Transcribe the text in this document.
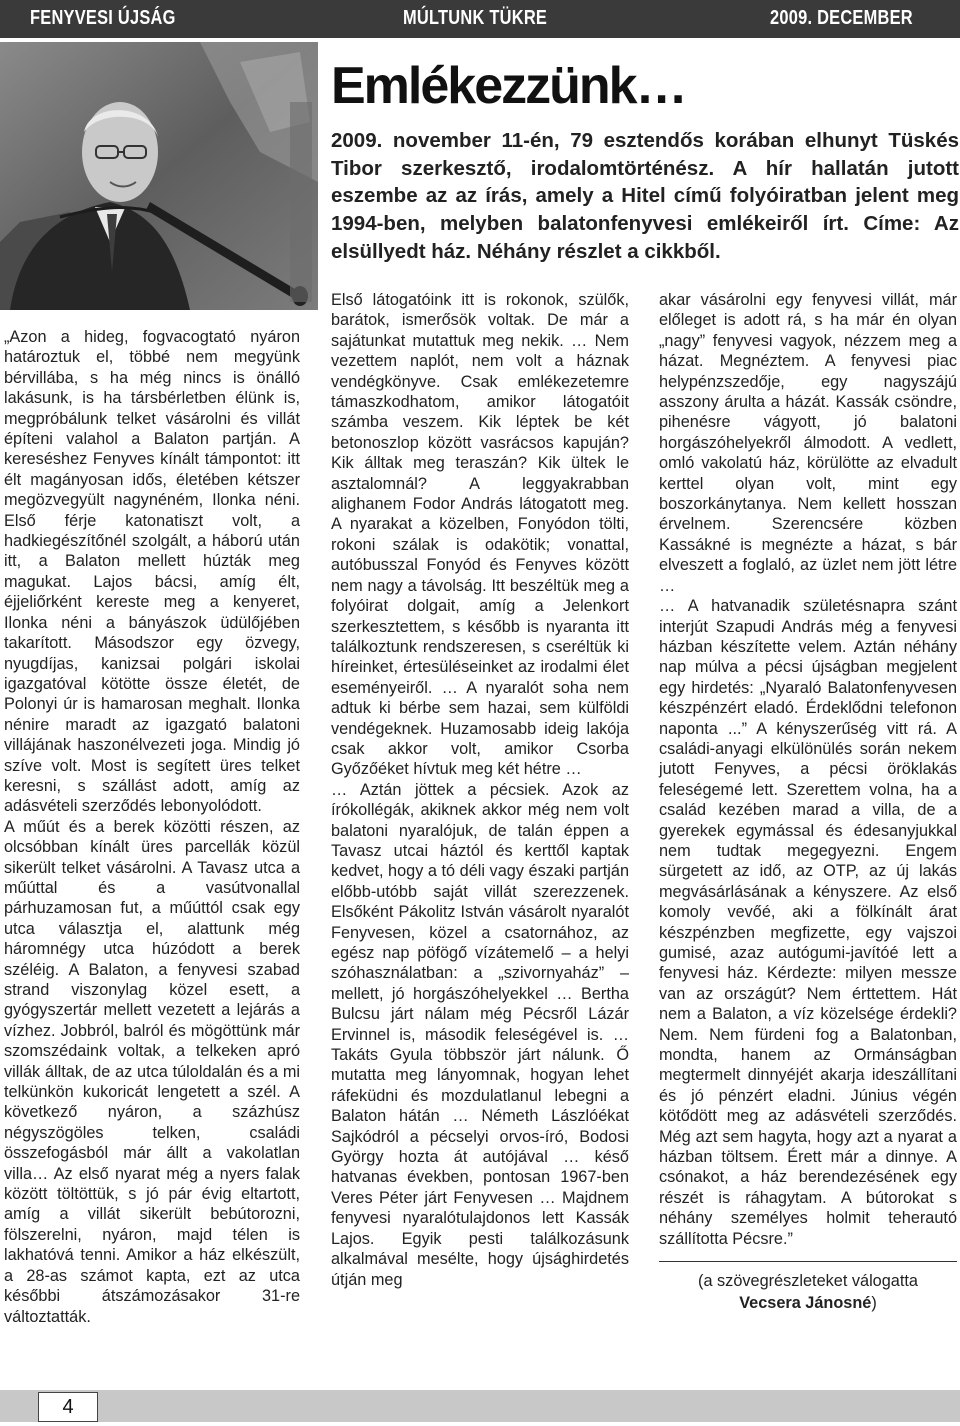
FENYVESI ÚJSÁG	MÚLTUNK TÜKRE	2009. DECEMBER
Emlékezzünk…
2009. november 11-én, 79 esztendős korában elhunyt Tüskés Tibor szerkesztő, irodalomtörténész. A hír hallatán jutott eszembe az az írás, amely a Hitel című folyóiratban jelent meg 1994-ben, melyben balatonfenyvesi emlékeiről írt. Címe: Az elsüllyedt ház. Néhány részlet a cikkből.

„Azon a hideg, fogvacogtató nyáron határoztuk el, többé nem megyünk bérvillába, s ha még nincs is önálló lakásunk, is ha társbérletben élünk is, megpróbálunk telket vásárolni és villát építeni valahol a Balaton partján. A kereséshez Fenyves kínált támpontot: itt élt magányosan idős, életében kétszer megözvegyült nagynéném, Ilonka néni. Első férje katonatiszt volt, a hadkiegészítőnél szolgált, a háború után itt, a Balaton mellett húzták meg magukat. Lajos bácsi, amíg élt, éjjeliőrként kereste meg a kenyeret, Ilonka néni a bányászok üdülőjében takarított. Másodszor egy özvegy, nyugdíjas, kanizsai polgári iskolai igazgatóval kötötte össze életét, de Polonyi úr is hamarosan meghalt. Ilonka nénire maradt az igazgató balatoni villájának haszonélvezeti joga. Mindig jó szíve volt. Most is segített üres telket keresni, s szállást adott, amíg az adásvételi szerződés lebonyolódott.

A műút és a berek közötti részen, az olcsóbban kínált üres parcellák közül sikerült telket vásárolni. A Tavasz utca a műúttal és a vasútvonallal párhuzamosan fut, a műúttól csak egy utca választja el, alattunk még háromnégy utca húzódott a berek széléig. A Balaton, a fenyvesi szabad strand viszonylag közel esett, a gyógyszertár mellett vezetett a lejárás a vízhez. Jobbról, balról és mögöttünk már szomszédaink voltak, a telkeken apró villák álltak, de az utca túloldalán és a mi telkünkön kukoricát lengetett a szél. A következő nyáron, a százhúsz négyszögöles telken, családi összefogásból már állt a vakolatlan villa… Az első nyarat még a nyers falak között töltöttük, s jó pár évig eltartott, amíg a villát sikerült bebútorozni, fölszerelni, nyáron, majd télen is lakhatóvá tenni. Amikor a ház elkészült, a 28-as számot kapta, ezt az utca későbbi átszámozásakor 31-re változtatták.

Első látogatóink itt is rokonok, szülők, barátok, ismerősök voltak. De már a sajátunkat mutattuk meg nekik. … Nem vezettem naplót, nem volt a háznak vendégkönyve. Csak emlékezetemre támaszkodhatom, amikor látogatóit számba veszem. Kik léptek be két betonoszlop között vasrácsos kapuján? Kik álltak meg teraszán? Kik ültek le asztalomnál? A leggyakrabban alighanem Fodor András látogatott meg. A nyarakat a közelben, Fonyódon tölti, rokoni szálak is odakötik; vonattal, autóbusszal Fonyód és Fenyves között nem nagy a távolság. Itt beszéltük meg a folyóirat dolgait, amíg a Jelenkort szerkesztettem, s később is nyaranta itt találkoztunk rendszeresen, s cseréltük ki híreinket, értesüléseinket az irodalmi élet eseményeiről. … A nyaralót soha nem adtuk ki bérbe sem hazai, sem külföldi vendégeknek. Huzamosabb ideig lakója csak akkor volt, amikor Csorba Győzőéket hívtuk meg két hétre …

… Aztán jöttek a pécsiek. Azok az írókollégák, akiknek akkor még nem volt balatoni nyaralójuk, de talán éppen a Tavasz utcai háztól és kerttől kaptak kedvet, hogy a tó déli vagy északi partján előbb-utóbb saját villát szerezzenek. Elsőként Pákolitz István vásárolt nyaralót Fenyvesen, közel a csatornához, az egész nap pöfögő vízátemelő – a helyi szóhasználatban: a „szivornyaház” – mellett, jó horgászóhelyekkel … Bertha Bulcsu járt nálam még Pécsről Lázár Ervinnel is, második feleségével is. … Takáts Gyula többször járt nálunk. Ő mutatta meg lányomnak, hogyan lehet ráfeküdni és mozdulatlanul lebegni a Balaton hátán … Németh Lászlóékat Sajkódról a pécselyi orvos-író, Bodosi György hozta át autójával … késő hatvanas években, pontosan 1967-ben Veres Péter járt Fenyvesen … Majdnem fenyvesi nyaralótulajdonos lett Kassák Lajos. Egyik pesti találkozásunk alkalmával mesélte, hogy újsághirdetés útján meg

akar vásárolni egy fenyvesi villát, már előleget is adott rá, s ha már én olyan „nagy” fenyvesi vagyok, nézzem meg a házat. Megnéztem. A fenyvesi piac helypénzszedője, egy nagyszájú asszony árulta a házát. Kassák csöndre, pihenésre vágyott, jó balatoni horgászóhelyekről álmodott. A vedlett, omló vakolatú ház, körülötte az elvadult kerttel olyan volt, mint egy boszorkánytanya. Nem kellett hosszan érvelnem. Szerencsére közben Kassákné is megnézte a házat, s bár elveszett a foglaló, az üzlet nem jött létre …

… A hatvanadik születésnapra szánt interjút Szapudi András még a fenyvesi házban készítette velem. Aztán néhány nap múlva a pécsi újságban megjelent egy hirdetés: „Nyaraló Balatonfenyvesen készpénzért eladó. Érdeklődni telefonon naponta ...” A kényszerűség vitt rá. A családi-anyagi elkülönülés során nekem jutott Fenyves, a pécsi öröklakás feleségemé lett. Szerettem volna, ha a család kezében marad a villa, de a gyerekek egymással és édesanyjukkal nem tudtak megegyezni. Engem sürgetett az idő, az OTP, az új lakás megvásárlásának a kényszere. Az első komoly vevőé, aki a fölkínált árat készpénzben megfizette, egy vajszoi gumisé, azaz autógumi-javítóé lett a fenyvesi ház. Kérdezte: milyen messze van az országút? Nem érttettem. Hát nem a Balaton, a víz közelsége érdekli? Nem. Nem fürdeni fog a Balatonban, mondta, hanem az Ormánságban megtermelt dinnyéjét akarja ideszállítani és jó pénzért eladni. Június végén kötődött meg az adásvételi szerződés. Még azt sem hagyta, hogy azt a nyarat a házban töltsem. Érett már a dinnye. A csónakot, a ház berendezésének egy részét is ráhagytam. A bútorokat s néhány személyes holmit teherautó szállította Pécsre.”

(a szövegrészleteket válogatta
Vecsera Jánosné)
4
